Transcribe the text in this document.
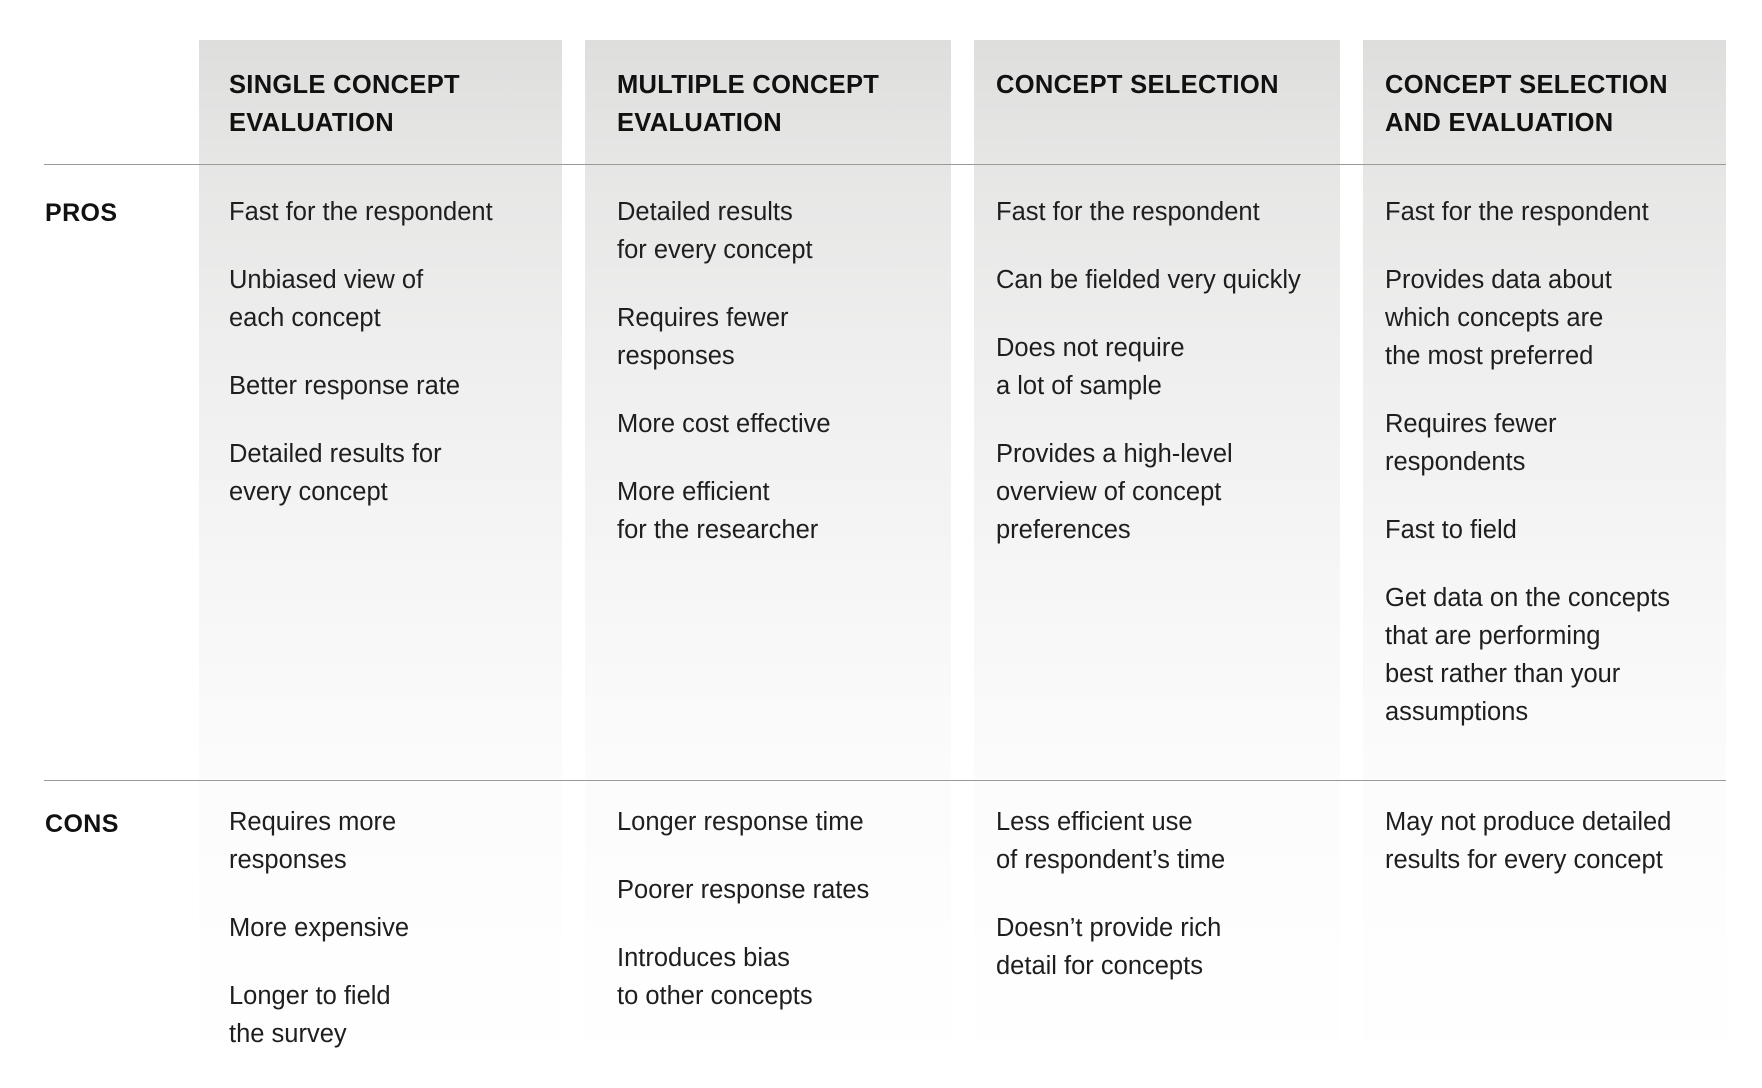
PROS

CONS

SINGLE CONCEPT
EVALUATION
MULTIPLE CONCEPT
EVALUATION
CONCEPT SELECTION	CONCEPT SELECTION
AND EVALUATION
Fast for the respondent
Unbiased view of
each concept
Better response rate
Detailed results for
every concept
Detailed results
for every concept
Requires fewer
responses
More cost effective
More efficient
for the researcher
Fast for the respondent
Can be fielded very quickly
Does not require
a lot of sample
Provides a high-level
overview of concept
preferences
Fast for the respondent
Provides data about
which concepts are
the most preferred
Requires fewer
respondents
Fast to field
Get data on the concepts
that are performing
best rather than your
assumptions
Requires more
responses
More expensive
Longer to field
the survey
Longer response time
Poorer response rates
Introduces bias
to other concepts
Less efficient use
of respondent’s time
Doesn’t provide rich
detail for concepts
May not produce detailed
results for every concept
